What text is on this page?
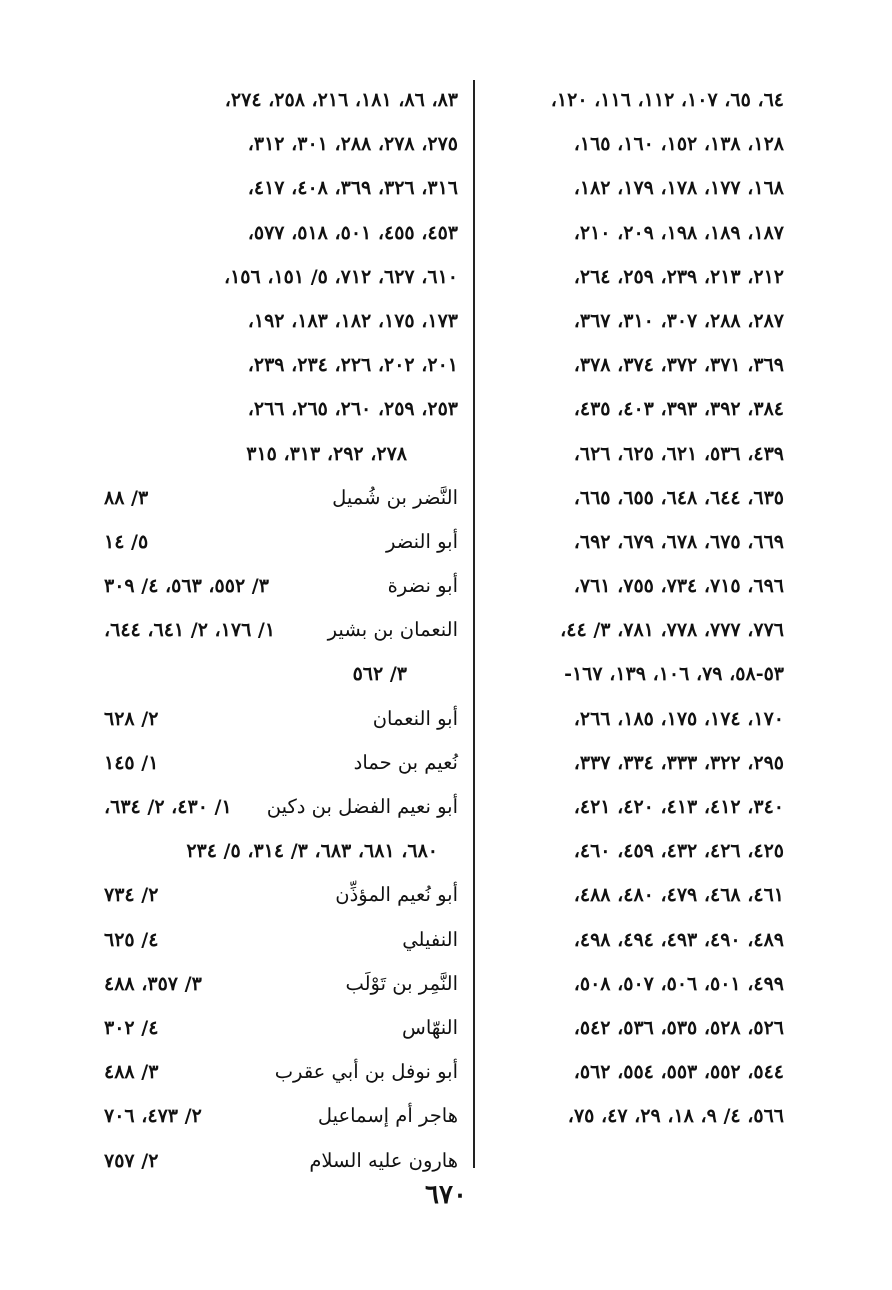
٦٤، ٦٥، ١٠٧، ١١٢، ١١٦، ١٢٠،
١٢٨، ١٣٨، ١٥٢، ١٦٠، ١٦٥،
١٦٨، ١٧٧، ١٧٨، ١٧٩، ١٨٢،
١٨٧، ١٨٩، ١٩٨، ٢٠٩، ٢١٠،
٢١٢، ٢١٣، ٢٣٩، ٢٥٩، ٢٦٤،
٢٨٧، ٢٨٨، ٣٠٧، ٣١٠، ٣٦٧،
٣٦٩، ٣٧١، ٣٧٢، ٣٧٤، ٣٧٨،
٣٨٤، ٣٩٢، ٣٩٣، ٤٠٣، ٤٣٥،
٤٣٩، ٥٣٦، ٦٢١، ٦٢٥، ٦٢٦،
٦٣٥، ٦٤٤، ٦٤٨، ٦٥٥، ٦٦٥،
٦٦٩، ٦٧٥، ٦٧٨، ٦٧٩، ٦٩٢،
٦٩٦، ٧١٥، ٧٣٤، ٧٥٥، ٧٦١،
٧٧٦، ٧٧٧، ٧٧٨، ٧٨١، ٣/ ٤٤،
٥٣-٥٨، ٧٩، ١٠٦، ١٣٩، ١٦٧-
١٧٠، ١٧٤، ١٧٥، ١٨٥، ٢٦٦،
٢٩٥، ٣٢٢، ٣٣٣، ٣٣٤، ٣٣٧،
٣٤٠، ٤١٢، ٤١٣، ٤٢٠، ٤٢١،
٤٢٥، ٤٢٦، ٤٣٢، ٤٥٩، ٤٦٠،
٤٦١، ٤٦٨، ٤٧٩، ٤٨٠، ٤٨٨،
٤٨٩، ٤٩٠، ٤٩٣، ٤٩٤، ٤٩٨،
٤٩٩، ٥٠١، ٥٠٦، ٥٠٧، ٥٠٨،
٥٢٦، ٥٢٨، ٥٣٥، ٥٣٦، ٥٤٢،
٥٤٤، ٥٥٢، ٥٥٣، ٥٥٤، ٥٦٢،
٥٦٦، ٤/ ٩، ١٨، ٢٩، ٤٧، ٧٥،
٨٣، ٨٦، ١٨١، ٢١٦، ٢٥٨، ٢٧٤،
٢٧٥، ٢٧٨، ٢٨٨، ٣٠١، ٣١٢،
٣١٦، ٣٢٦، ٣٦٩، ٤٠٨، ٤١٧،
٤٥٣، ٤٥٥، ٥٠١، ٥١٨، ٥٧٧،
٦١٠، ٦٢٧، ٧١٢، ٥/ ١٥١، ١٥٦،
١٧٣، ١٧٥، ١٨٢، ١٨٣، ١٩٢،
٢٠١، ٢٠٢، ٢٢٦، ٢٣٤، ٢٣٩،
٢٥٣، ٢٥٩، ٢٦٠، ٢٦٥، ٢٦٦،
٢٧٨، ٢٩٢، ٣١٣، ٣١٥
النَّضر بن شُميل
٣/ ٨٨
أبو النضر
٥/ ١٤
أبو نضرة
٣/ ٥٥٢، ٥٦٣، ٤/ ٣٠٩
النعمان بن بشير
١/ ١٧٦، ٢/ ٦٤١، ٦٤٤،
٣/ ٥٦٢
أبو النعمان
٢/ ٦٢٨
نُعيم بن حماد
١/ ١٤٥
أبو نعيم الفضل بن دكين
١/ ٤٣٠، ٢/ ٦٣٤،
٦٨٠، ٦٨١، ٦٨٣، ٣/ ٣١٤، ٥/ ٢٣٤
أبو نُعيم المؤذِّن
٢/ ٧٣٤
النفيلي
٤/ ٦٢٥
النَّمِر بن تَوْلَب
٣/ ٣٥٧، ٤٨٨
النهّاس
٤/ ٣٠٢
أبو نوفل بن أبي عقرب
٣/ ٤٨٨
هاجر أم إسماعيل
٢/ ٤٧٣، ٧٠٦
هارون عليه السلام
٢/ ٧٥٧
٦٧٠
